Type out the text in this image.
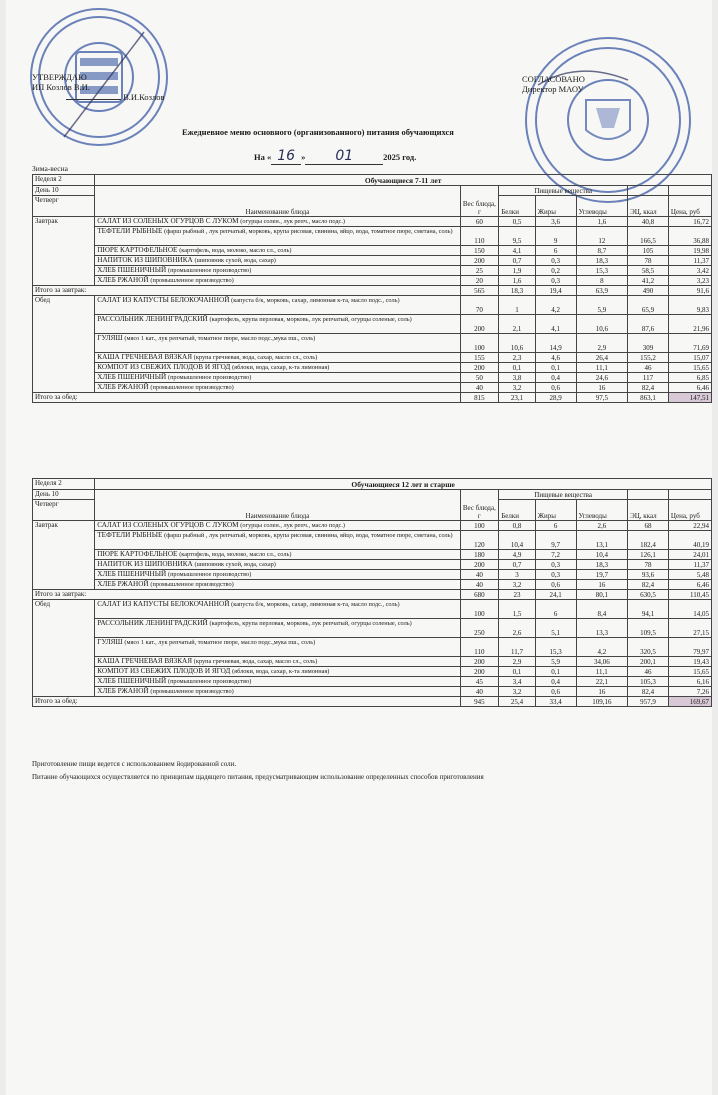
УТВЕРЖДАЮ
ИП Козлов В.И.
В.И.Козлов
СОГЛАСОВАНО
Директор МАОУ
Ежедневное меню основного (организованного) питания обучающихся
На « 16 » 01	2025 год.
Зима-весна
Неделя 2	Обучающиеся 7-11 лет						
День 10	Наименование блюда	Вес блюда, г	Пищевые вещества				
Четверг			Белки	Жиры	Углеводы	ЭЦ, ккал	Цена, руб

Завтрак	САЛАТ ИЗ СОЛЕНЫХ ОГУРЦОВ С ЛУКОМ (огурцы солен., лук репч., масло подс.)	60	0,5	3,6	1,6	40,8	16,72
	ТЕФТЕЛИ РЫБНЫЕ (фарш рыбный , лук репчатый, морковь, крупа рисовая, свинина, яйцо, вода, томатное пюре, сметана, соль)	110	9,5	9	12	166,5	36,88
	ПЮРЕ КАРТОФЕЛЬНОЕ (картофель, вода, молоко, масло сл., соль)	150	4,1	6	8,7	105	19,98
	НАПИТОК ИЗ ШИПОВНИКА (шиповник сухой, вода, сахар)	200	0,7	0,3	18,3	78	11,37
	ХЛЕБ ПШЕНИЧНЫЙ (промышленное производство)	25	1,9	0,2	15,3	58,5	3,42
	ХЛЕБ РЖАНОЙ (промышленное производство)	20	1,6	0,3	8	41,2	3,23
Итого за завтрак:		565	18,3	19,4	63,9	490	91,6
Обед	САЛАТ ИЗ КАПУСТЫ БЕЛОКОЧАННОЙ (капуста б/к, морковь, сахар, лимонная к-та, масло подс., соль)	70	1	4,2	5,9	65,9	9,83
	РАССОЛЬНИК ЛЕНИНГРАДСКИЙ (картофель, крупа перловая, морковь, лук репчатый, огурцы соленые, соль)	200	2,1	4,1	10,6	87,6	21,96
	ГУЛЯШ (мясо 1 кат., лук репчатый, томатное пюре, масло подс.,мука пш., соль)	100	10,6	14,9	2,9	309	71,69
	КАША ГРЕЧНЕВАЯ ВЯЗКАЯ (крупа гречневая, вода, сахар, масло сл., соль)	155	2,3	4,6	26,4	155,2	15,07
	КОМПОТ ИЗ СВЕЖИХ ПЛОДОВ И ЯГОД (яблоки, вода, сахар, к-та лимонная)	200	0,1	0,1	11,1	46	15,65
	ХЛЕБ ПШЕНИЧНЫЙ (промышленное производство)	50	3,8	0,4	24,6	117	6,85
	ХЛЕБ РЖАНОЙ (промышленное производство)	40	3,2	0,6	16	82,4	6,46
Итого за обед:		815	23,1	28,9	97,5	863,1	147,51
Неделя 2	Обучающиеся 12 лет и старше						
День 10	Наименование блюда	Вес блюда, г	Пищевые вещества				
Четверг			Белки	Жиры	Углеводы	ЭЦ, ккал	Цена, руб

Завтрак	САЛАТ ИЗ СОЛЕНЫХ ОГУРЦОВ С ЛУКОМ (огурцы солен., лук репч., масло подс.)	100	0,8	6	2,6	68	22,94
	ТЕФТЕЛИ РЫБНЫЕ (фарш рыбный , лук репчатый, морковь, крупа рисовая, свинина, яйцо, вода, томатное пюре, сметана, соль)	120	10,4	9,7	13,1	182,4	40,19
	ПЮРЕ КАРТОФЕЛЬНОЕ (картофель, вода, молоко, масло сл., соль)	180	4,9	7,2	10,4	126,1	24,01
	НАПИТОК ИЗ ШИПОВНИКА (шиповник сухой, вода, сахар)	200	0,7	0,3	18,3	78	11,37
	ХЛЕБ ПШЕНИЧНЫЙ (промышленное производство)	40	3	0,3	19,7	93,6	5,48
	ХЛЕБ РЖАНОЙ (промышленное производство)	40	3,2	0,6	16	82,4	6,46
Итого за завтрак:		680	23	24,1	80,1	630,5	110,45
Обед	САЛАТ ИЗ КАПУСТЫ БЕЛОКОЧАННОЙ (капуста б/к, морковь, сахар, лимонная к-та, масло подс., соль)	100	1,5	6	8,4	94,1	14,05
	РАССОЛЬНИК ЛЕНИНГРАДСКИЙ (картофель, крупа перловая, морковь, лук репчатый, огурцы соленые, соль)	250	2,6	5,1	13,3	109,5	27,15
	ГУЛЯШ (мясо 1 кат., лук репчатый, томатное пюре, масло подс.,мука пш., соль)	110	11,7	15,3	4,2	320,5	79,97
	КАША ГРЕЧНЕВАЯ ВЯЗКАЯ (крупа гречневая, вода, сахар, масло сл., соль)	200	2,9	5,9	34,06	200,1	19,43
	КОМПОТ ИЗ СВЕЖИХ ПЛОДОВ И ЯГОД (яблоки, вода, сахар, к-та лимонная)	200	0,1	0,1	11,1	46	15,65
	ХЛЕБ ПШЕНИЧНЫЙ (промышленное производство)	45	3,4	0,4	22,1	105,3	6,16
	ХЛЕБ РЖАНОЙ (промышленное производство)	40	3,2	0,6	16	82,4	7,26
Итого за обед:		945	25,4	33,4	109,16	957,9	169,67
Приготовление пищи ведется с использованием йодированной соли.
Питание обучающихся осуществляется по принципам щадящего питания, предусматривающим использование определенных способов приготовления
